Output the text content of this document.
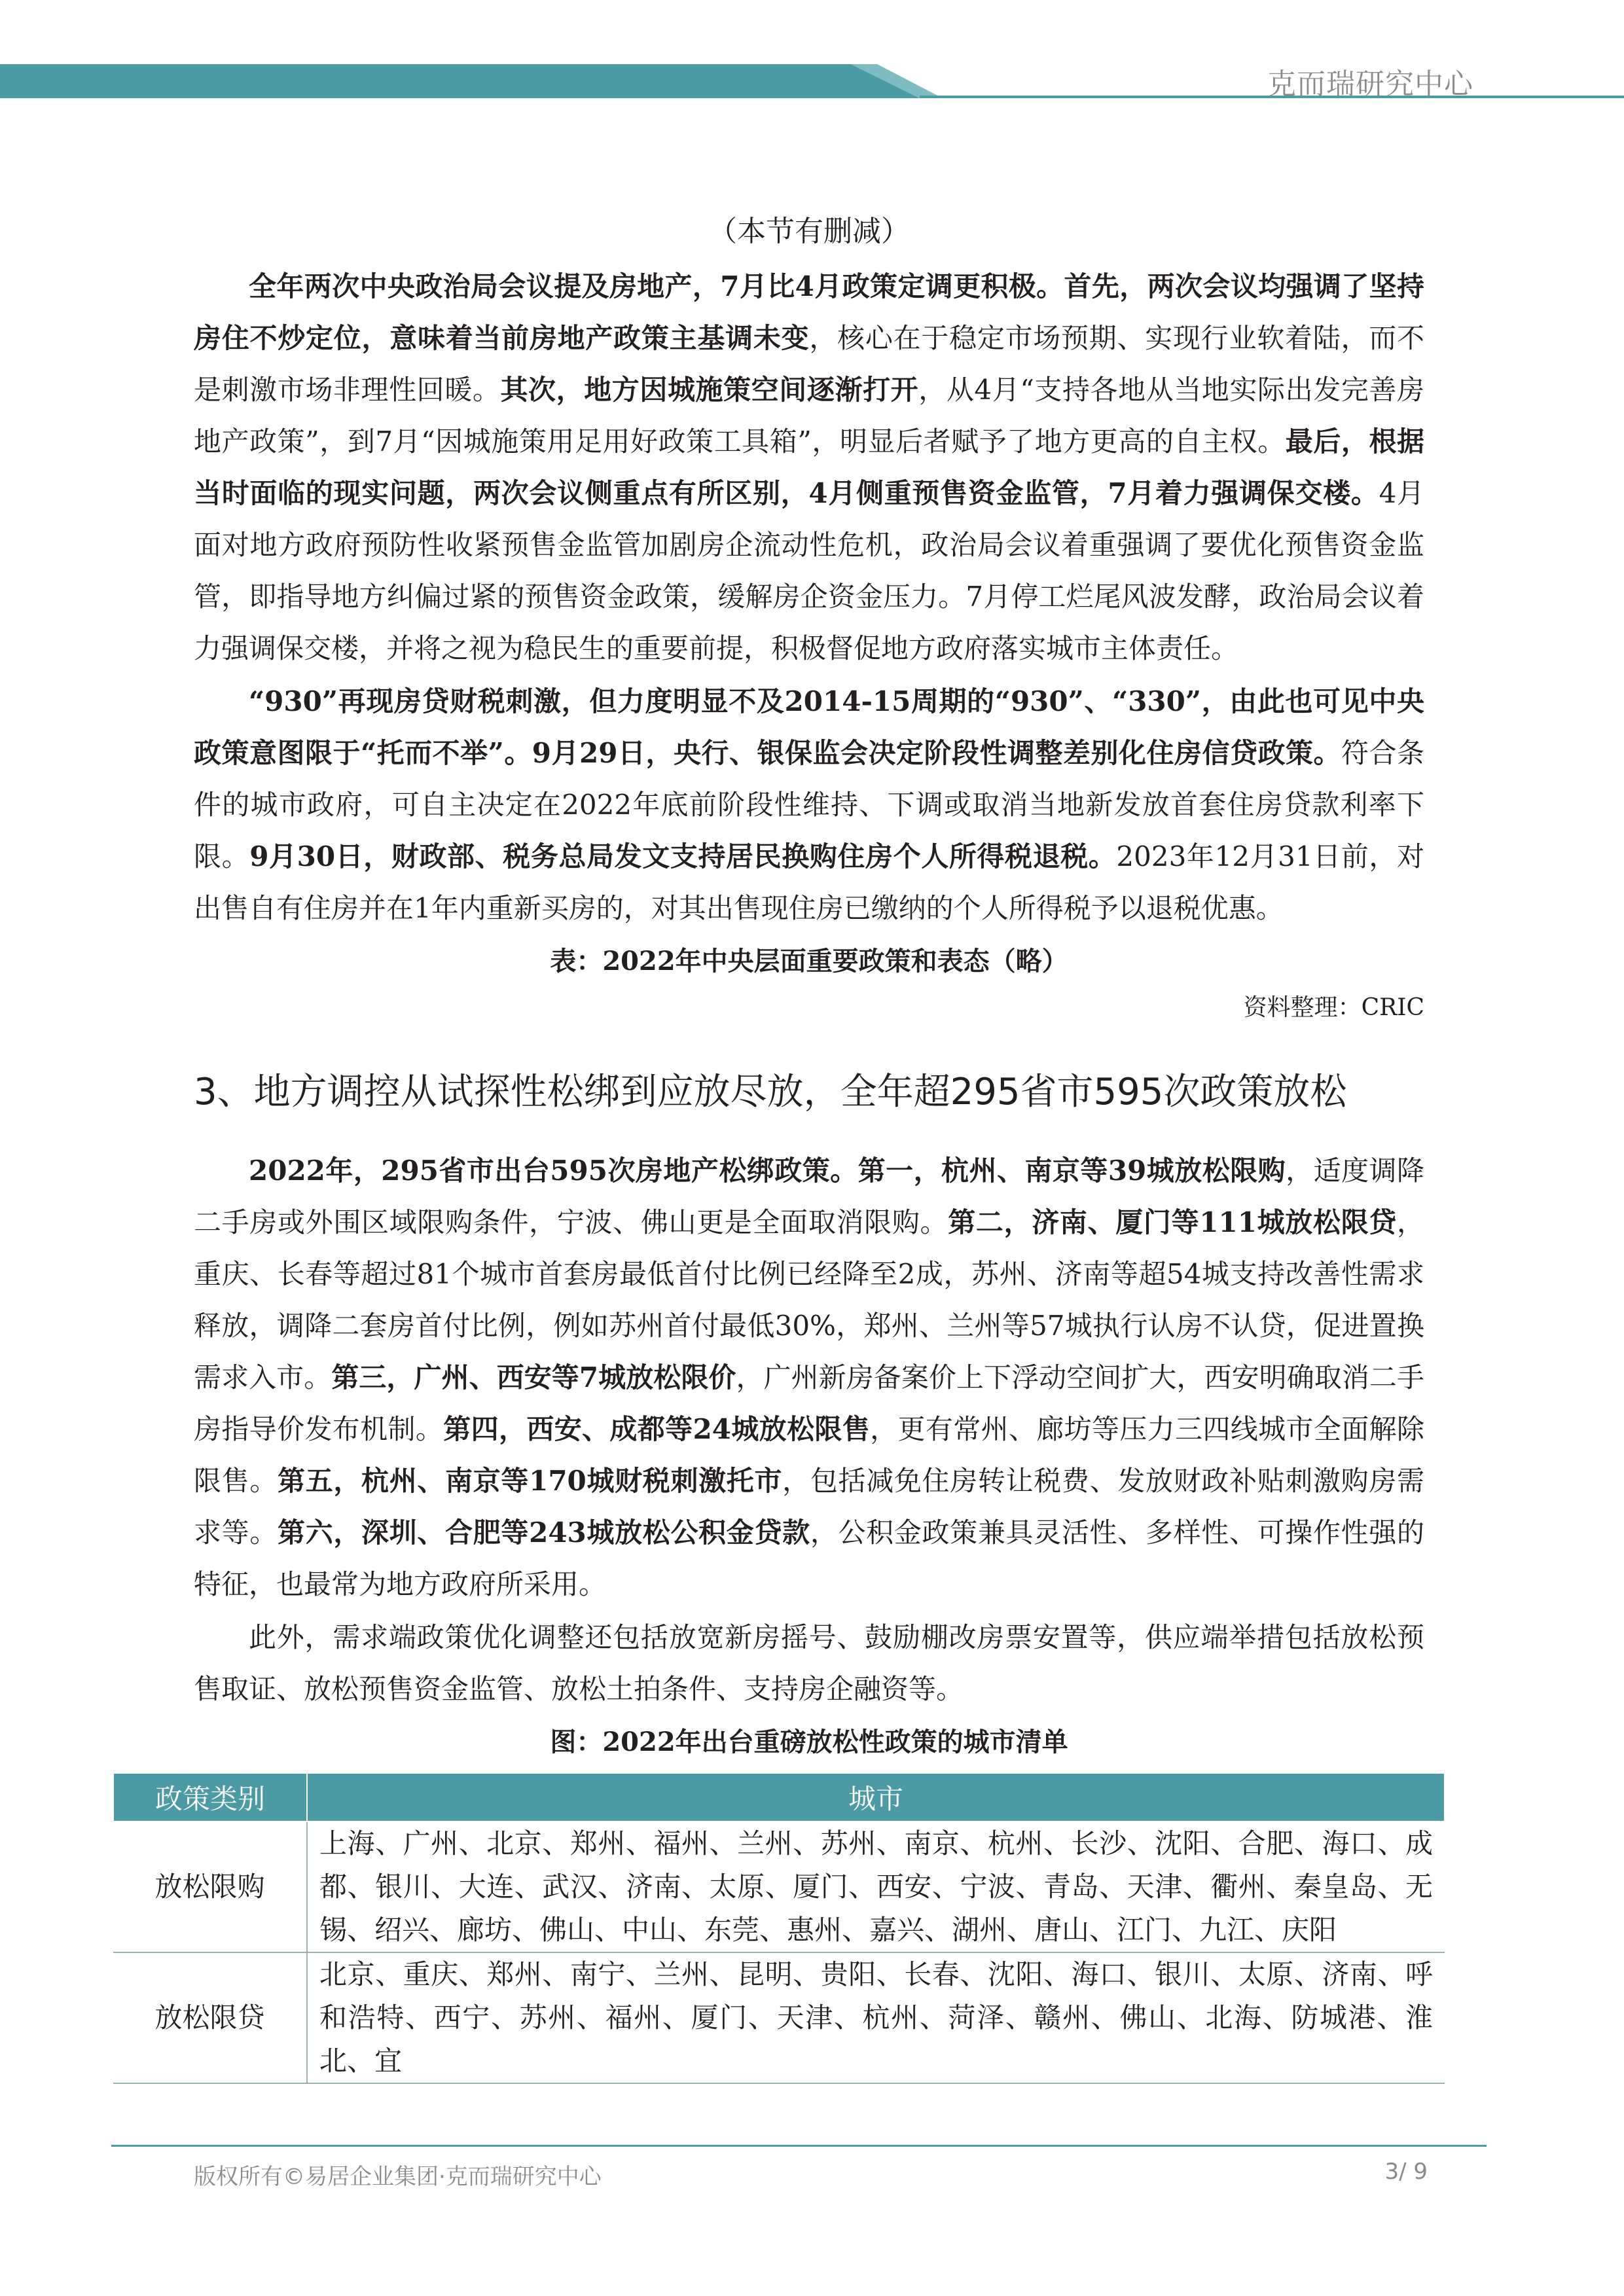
克而瑞研究中心

（本节有删减）

全年两次中央政治局会议提及房地产，7月比4月政策定调更积极。首先，两次会议均强调了坚持房住不炒定位，意味着当前房地产政策主基调未变，核心在于稳定市场预期、实现行业软着陆，而不是刺激市场非理性回暖。其次，地方因城施策空间逐渐打开，从4月“支持各地从当地实际出发完善房地产政策”，到7月“因城施策用足用好政策工具箱”，明显后者赋予了地方更高的自主权。最后，根据当时面临的现实问题，两次会议侧重点有所区别，4月侧重预售资金监管，7月着力强调保交楼。4月面对地方政府预防性收紧预售金监管加剧房企流动性危机，政治局会议着重强调了要优化预售资金监管，即指导地方纠偏过紧的预售资金政策，缓解房企资金压力。7月停工烂尾风波发酵，政治局会议着力强调保交楼，并将之视为稳民生的重要前提，积极督促地方政府落实城市主体责任。

“930”再现房贷财税刺激，但力度明显不及2014-15周期的“930”、“330”，由此也可见中央政策意图限于“托而不举”。9月29日，央行、银保监会决定阶段性调整差别化住房信贷政策。符合条件的城市政府，可自主决定在2022年底前阶段性维持、下调或取消当地新发放首套住房贷款利率下限。9月30日，财政部、税务总局发文支持居民换购住房个人所得税退税。2023年12月31日前，对出售自有住房并在1年内重新买房的，对其出售现住房已缴纳的个人所得税予以退税优惠。

表：2022年中央层面重要政策和表态（略）

资料整理：CRIC

3、地方调控从试探性松绑到应放尽放，全年超295省市595次政策放松

2022年，295省市出台595次房地产松绑政策。第一，杭州、南京等39城放松限购，适度调降二手房或外围区域限购条件，宁波、佛山更是全面取消限购。第二，济南、厦门等111城放松限贷，重庆、长春等超过81个城市首套房最低首付比例已经降至2成，苏州、济南等超54城支持改善性需求释放，调降二套房首付比例，例如苏州首付最低30%，郑州、兰州等57城执行认房不认贷，促进置换需求入市。第三，广州、西安等7城放松限价，广州新房备案价上下浮动空间扩大，西安明确取消二手房指导价发布机制。第四，西安、成都等24城放松限售，更有常州、廊坊等压力三四线城市全面解除限售。第五，杭州、南京等170城财税刺激托市，包括减免住房转让税费、发放财政补贴刺激购房需求等。第六，深圳、合肥等243城放松公积金贷款，公积金政策兼具灵活性、多样性、可操作性强的特征，也最常为地方政府所采用。

此外，需求端政策优化调整还包括放宽新房摇号、鼓励棚改房票安置等，供应端举措包括放松预售取证、放松预售资金监管、放松土拍条件、支持房企融资等。

图：2022年出台重磅放松性政策的城市清单

政策类别	城市
放松限购	上海、广州、北京、郑州、福州、兰州、苏州、南京、杭州、长沙、沈阳、合肥、海口、成都、银川、大连、武汉、济南、太原、厦门、西安、宁波、青岛、天津、衢州、秦皇岛、无锡、绍兴、廊坊、佛山、中山、东莞、惠州、嘉兴、湖州、唐山、江门、九江、庆阳
放松限贷	北京、重庆、郑州、南宁、兰州、昆明、贵阳、长春、沈阳、海口、银川、太原、济南、呼和浩特、西宁、苏州、福州、厦门、天津、杭州、菏泽、赣州、佛山、北海、防城港、淮北、宜
版权所有©易居企业集团·克而瑞研究中心	3/ 9
